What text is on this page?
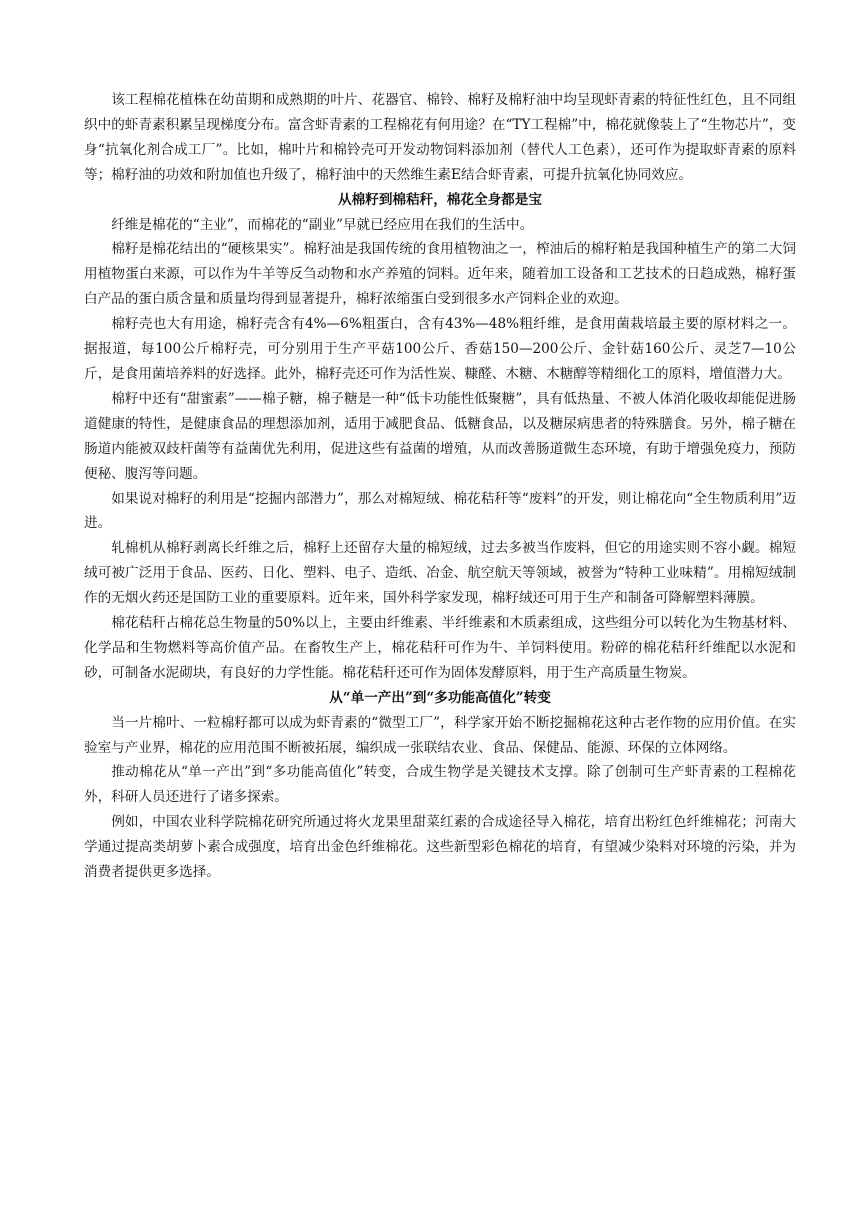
该工程棉花植株在幼苗期和成熟期的叶片、花器官、棉铃、棉籽及棉籽油中均呈现虾青素的特征性红色，且不同组织中的虾青素积累呈现梯度分布。富含虾青素的工程棉花有何用途？在“TY工程棉”中，棉花就像装上了“生物芯片”，变身“抗氧化剂合成工厂”。比如，棉叶片和棉铃壳可开发动物饲料添加剂（替代人工色素），还可作为提取虾青素的原料等；棉籽油的功效和附加值也升级了，棉籽油中的天然维生素E结合虾青素，可提升抗氧化协同效应。

从棉籽到棉秸秆，棉花全身都是宝

纤维是棉花的“主业”，而棉花的“副业”早就已经应用在我们的生活中。

棉籽是棉花结出的“硬核果实”。棉籽油是我国传统的食用植物油之一，榨油后的棉籽粕是我国种植生产的第二大饲用植物蛋白来源，可以作为牛羊等反刍动物和水产养殖的饲料。近年来，随着加工设备和工艺技术的日趋成熟，棉籽蛋白产品的蛋白质含量和质量均得到显著提升，棉籽浓缩蛋白受到很多水产饲料企业的欢迎。

棉籽壳也大有用途，棉籽壳含有4%—6%粗蛋白，含有43%—48%粗纤维，是食用菌栽培最主要的原材料之一。据报道，每100公斤棉籽壳，可分别用于生产平菇100公斤、香菇150—200公斤、金针菇160公斤、灵芝7—10公斤，是食用菌培养料的好选择。此外，棉籽壳还可作为活性炭、糠醛、木糖、木糖醇等精细化工的原料，增值潜力大。

棉籽中还有“甜蜜素”——棉子糖，棉子糖是一种“低卡功能性低聚糖”，具有低热量、不被人体消化吸收却能促进肠道健康的特性，是健康食品的理想添加剂，适用于减肥食品、低糖食品，以及糖尿病患者的特殊膳食。另外，棉子糖在肠道内能被双歧杆菌等有益菌优先利用，促进这些有益菌的增殖，从而改善肠道微生态环境，有助于增强免疫力，预防便秘、腹泻等问题。

如果说对棉籽的利用是“挖掘内部潜力”，那么对棉短绒、棉花秸秆等“废料”的开发，则让棉花向“全生物质利用”迈进。

轧棉机从棉籽剥离长纤维之后，棉籽上还留存大量的棉短绒，过去多被当作废料，但它的用途实则不容小觑。棉短绒可被广泛用于食品、医药、日化、塑料、电子、造纸、冶金、航空航天等领域，被誉为“特种工业味精”。用棉短绒制作的无烟火药还是国防工业的重要原料。近年来，国外科学家发现，棉籽绒还可用于生产和制备可降解塑料薄膜。

棉花秸秆占棉花总生物量的50%以上，主要由纤维素、半纤维素和木质素组成，这些组分可以转化为生物基材料、化学品和生物燃料等高价值产品。在畜牧生产上，棉花秸秆可作为牛、羊饲料使用。粉碎的棉花秸秆纤维配以水泥和砂，可制备水泥砌块，有良好的力学性能。棉花秸秆还可作为固体发酵原料，用于生产高质量生物炭。

从“单一产出”到“多功能高值化”转变

当一片棉叶、一粒棉籽都可以成为虾青素的“微型工厂”，科学家开始不断挖掘棉花这种古老作物的应用价值。在实验室与产业界，棉花的应用范围不断被拓展，编织成一张联结农业、食品、保健品、能源、环保的立体网络。

推动棉花从“单一产出”到“多功能高值化”转变，合成生物学是关键技术支撑。除了创制可生产虾青素的工程棉花外，科研人员还进行了诸多探索。

例如，中国农业科学院棉花研究所通过将火龙果里甜菜红素的合成途径导入棉花，培育出粉红色纤维棉花；河南大学通过提高类胡萝卜素合成强度，培育出金色纤维棉花。这些新型彩色棉花的培育，有望减少染料对环境的污染，并为消费者提供更多选择。
